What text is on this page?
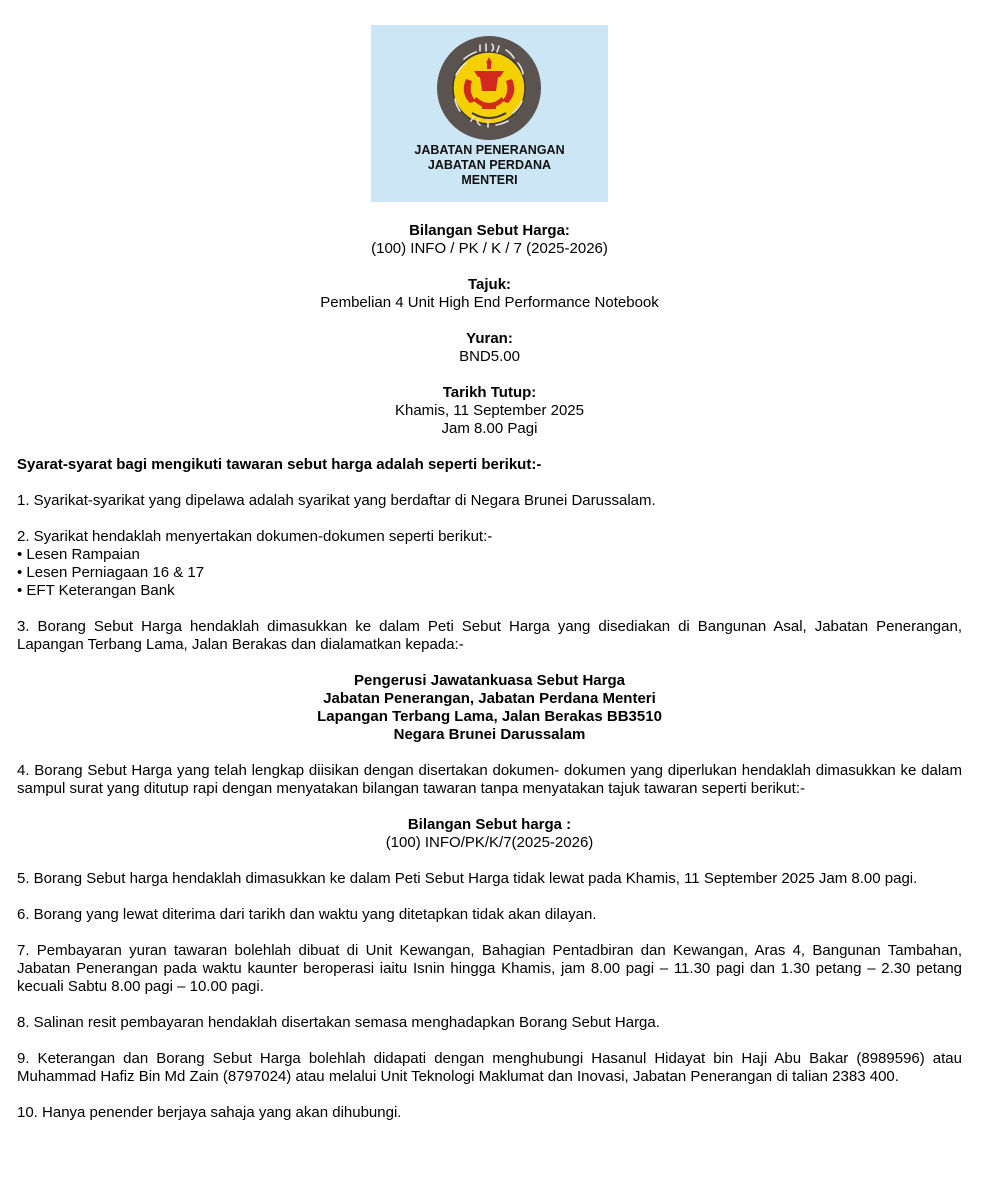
JABATAN PENERANGAN
JABATAN PERDANA
MENTERI

Bilangan Sebut Harga:

(100) INFO / PK / K / 7 (2025-2026)

Tajuk:

Pembelian 4 Unit High End Performance Notebook

Yuran:

BND5.00

Tarikh Tutup:

Khamis, 11 September 2025

Jam 8.00 Pagi

Syarat-syarat bagi mengikuti tawaran sebut harga adalah seperti berikut:-

1. Syarikat-syarikat yang dipelawa adalah syarikat yang berdaftar di Negara Brunei Darussalam.

2. Syarikat hendaklah menyertakan dokumen-dokumen seperti berikut:-

• Lesen Rampaian

• Lesen Perniagaan 16 & 17

• EFT Keterangan Bank

3. Borang Sebut Harga hendaklah dimasukkan ke dalam Peti Sebut Harga yang disediakan di Bangunan Asal, Jabatan Penerangan, Lapangan Terbang Lama, Jalan Berakas dan dialamatkan kepada:-

Pengerusi Jawatankuasa Sebut Harga

Jabatan Penerangan, Jabatan Perdana Menteri

Lapangan Terbang Lama, Jalan Berakas BB3510

Negara Brunei Darussalam

4. Borang Sebut Harga yang telah lengkap diisikan dengan disertakan dokumen- dokumen yang diperlukan hendaklah dimasukkan ke dalam sampul surat yang ditutup rapi dengan menyatakan bilangan tawaran tanpa menyatakan tajuk tawaran seperti berikut:-

Bilangan Sebut harga :

(100) INFO/PK/K/7(2025-2026)

5. Borang Sebut harga hendaklah dimasukkan ke dalam Peti Sebut Harga tidak lewat pada Khamis, 11 September 2025 Jam 8.00 pagi.

6. Borang yang lewat diterima dari tarikh dan waktu yang ditetapkan tidak akan dilayan.

7. Pembayaran yuran tawaran bolehlah dibuat di Unit Kewangan, Bahagian Pentadbiran dan Kewangan, Aras 4, Bangunan Tambahan, Jabatan Penerangan pada waktu kaunter beroperasi iaitu Isnin hingga Khamis, jam 8.00 pagi – 11.30 pagi dan 1.30 petang – 2.30 petang kecuali Sabtu 8.00 pagi – 10.00 pagi.

8. Salinan resit pembayaran hendaklah disertakan semasa menghadapkan Borang Sebut Harga.

9. Keterangan dan Borang Sebut Harga bolehlah didapati dengan menghubungi Hasanul Hidayat bin Haji Abu Bakar (8989596) atau Muhammad Hafiz Bin Md Zain (8797024) atau melalui Unit Teknologi Maklumat dan Inovasi, Jabatan Penerangan di talian 2383 400.

10. Hanya penender berjaya sahaja yang akan dihubungi.
